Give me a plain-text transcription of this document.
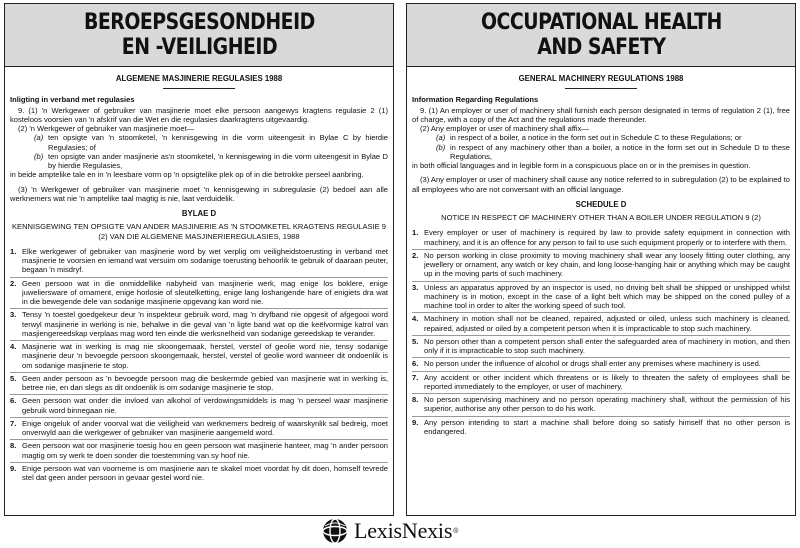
BEROEPSGESONDHEID
EN -VEILIGHEID
ALGEMENE MASJINERIE REGULASIES 1988
Inligting in verband met regulasies
9. (1) 'n Werkgewer of gebruiker van masjinerie moet elke persoon aangewys kragtens regulasie 2 (1) kosteloos voorsien van 'n afskrif van die Wet en die regulasies daarkragtens uitgevaardig.
(2) 'n Werkgewer of gebruiker van masjinerie moet—
(a) ten opsigte van 'n stoomketel, 'n kennisgewing in die vorm uiteengesit in Bylae C by hierdie Regulasies; of
(b) ten opsigte van ander masjinerie as'n stoomketel, 'n kennisgewing in die vorm uiteengesit in Bylae D by hierdie Regulasies,
in beide amptelike tale en in 'n leesbare vorm op 'n opsigtelike plek op of in die betrokke perseel aanbring.
(3) 'n Werkgewer of gebruiker van masjinerie moet 'n kennisgewing in subregulasie (2) bedoel aan alle werknemers wat nie 'n amptelike taal magtig is nie, laat verduidelik.
BYLAE D
KENNISGEWING TEN OPSIGTE VAN ANDER MASJINERIE AS 'N STOOMKETEL KRAGTENS REGULASIE 9 (2) VAN DIE ALGEMENE MASJINERIEREGULASIES, 1988
1. Elke werkgewer of gebruiker van masjinerie word by wet verplig om veiligheidstoerusting in verband met masjinerie te voorsien en iemand wat versuim om sodanige toerusting behoorlik te gebruik of daaraan peuter, begaan 'n misdryf.
2. Geen persoon wat in die onmiddellike nabyheid van masjinerie werk, mag enige los boklere, enige juweliersware of ornament, enige horlosie of sleutelketting, enige lang loshangende hare of enigiets dra wat in die bewegende dele van sodanige masjinerie opgevang kan word nie.
3. Tensy 'n toestel goedgekeur deur 'n inspekteur gebruik word, mag 'n dryfband nie opgesit of afgegooi word terwyl masjinerie in werking is nie, behalwe in die geval van 'n ligte band wat op die keëlvormige katrol van masjiengereedskap verplaas mag word ten einde die werksnelheid van sodanige gereedskap te verander.
4. Masjinerie wat in werking is mag nie skoongemaak, herstel, verstel of geolie word nie, tensy sodanige masjinerie deur 'n bevoegde persoon skoongemaak, herstel, verstel of geolie word wanneer dit ondoenlik is om sodanige masjinerie te stop.
5. Geen ander persoon as 'n bevoegde persoon mag die beskermde gebied van masjinerie wat in werking is, betree nie, en dan slegs as dit ondoenlik is om sodanige masjinerie te stop.
6. Geen persoon wat onder die invloed van alkohol of verdowingsmiddels is mag 'n perseel waar masjinerie gebruik word binnegaan nie.
7. Enige ongeluk of ander voorval wat die veiligheid van werknemers bedreig of waarskynlik sal bedreig, moet onverwyld aan die werkgewer of gebruiker van masjinerie aangemeld word.
8. Geen persoon wat oor masjinerie toesig hou en geen persoon wat masjinerie hanteer, mag 'n ander persoon magtig om sy werk te doen sonder die toestemming van sy hoof nie.
9. Enige persoon wat van voorneme is om masjinerie aan te skakel moet voordat hy dit doen, homself tevrede stel dat geen ander persoon in gevaar gestel word nie.
OCCUPATIONAL HEALTH
AND SAFETY
GENERAL MACHINERY REGULATIONS 1988
Information Regarding Regulations
9. (1) An employer or user of machinery shall furnish each person designated in terms of regulation 2 (1), free of charge, with a copy of the Act and the regulations made thereunder.
(2) Any employer or user of machinery shall affix—
(a) in respect of a boiler, a notice in the form set out in Schedule C to these Regulations; or
(b) in respect of any machinery other than a boiler, a notice in the form set out in Schedule D to these Regulations,
in both official languages and in legible form in a conspicuous place on or in the premises in question.
(3) Any employer or user of machinery shall cause any notice referred to in subregulation (2) to be explained to all employees who are not conversant with an official language.
SCHEDULE D
NOTICE IN RESPECT OF MACHINERY OTHER THAN A BOILER UNDER REGULATION 9 (2)
1. Every employer or user of machinery is required by law to provide safety equipment in connection with machinery, and it is an offence for any person to fail to use such equipment properly or to interfere with them.
2. No person working in close proximity to moving machinery shall wear any loosely fitting outer clothing, any jewellery or ornament, any watch or key chain, and long loose-hanging hair or anything which may be caught up in the moving parts of such machinery.
3. Unless an apparatus approved by an inspector is used, no driving belt shall be shipped or unshipped whilst machinery is in motion, except in the case of a light belt which may be shipped on the coned pulley of a machine tool in order to alter the working speed of such tool.
4. Machinery in motion shall not be cleaned, repaired, adjusted or oiled, unless such machinery is cleaned, repaired, adjusted or oiled by a competent person when it is impracticable to stop such machinery.
5. No person other than a competent person shall enter the safeguarded area of machinery in motion, and then only if it is impracticable to stop such machinery.
6. No person under the influence of alcohol or drugs shall enter any premises where machinery is used.
7. Any accident or other incident which threatens or is likely to threaten the safety of employees shall be reported immediately to the employer, or user of machinery.
8. No person supervising machinery and no person operating machinery shall, without the permission of his superior, authorise any other person to do his work.
9. Any person intending to start a machine shall before doing so satisfy himself that no other person is endangered.
LexisNexis ®
